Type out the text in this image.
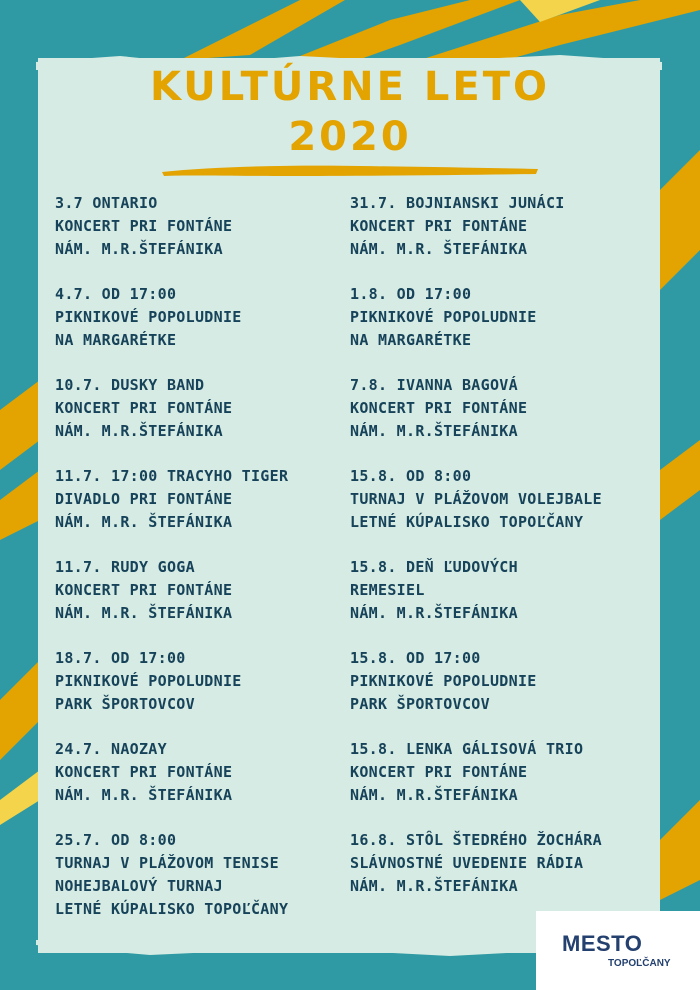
KULTÚRNE LETO
2020
3.7 ONTARIO
KONCERT PRI FONTÁNE
NÁM. M.R.ŠTEFÁNIKA
4.7. OD 17:00
PIKNIKOVÉ POPOLUDNIE
NA MARGARÉTKE
10.7. DUSKY BAND
KONCERT PRI FONTÁNE
NÁM. M.R.ŠTEFÁNIKA
11.7. 17:00 TRACYHO TIGER
DIVADLO PRI FONTÁNE
NÁM. M.R. ŠTEFÁNIKA
11.7. RUDY GOGA
KONCERT PRI FONTÁNE
NÁM. M.R. ŠTEFÁNIKA
18.7. OD 17:00
PIKNIKOVÉ POPOLUDNIE
PARK ŠPORTOVCOV
24.7. NAOZAY
KONCERT PRI FONTÁNE
NÁM. M.R. ŠTEFÁNIKA
25.7. OD 8:00
TURNAJ V PLÁŽOVOM TENISE
NOHEJBALOVÝ TURNAJ
LETNÉ KÚPALISKO TOPOĽČANY
31.7. BOJNIANSKI JUNÁCI
KONCERT PRI FONTÁNE
NÁM. M.R. ŠTEFÁNIKA
1.8. OD 17:00
PIKNIKOVÉ POPOLUDNIE
NA MARGARÉTKE
7.8. IVANNA BAGOVÁ
KONCERT PRI FONTÁNE
NÁM. M.R.ŠTEFÁNIKA
15.8. OD 8:00
TURNAJ V PLÁŽOVOM VOLEJBALE
LETNÉ KÚPALISKO TOPOĽČANY
15.8. DEŇ ĽUDOVÝCH
REMESIEL
NÁM. M.R.ŠTEFÁNIKA
15.8. OD 17:00
PIKNIKOVÉ POPOLUDNIE
PARK ŠPORTOVCOV
15.8. LENKA GÁLISOVÁ TRIO
KONCERT PRI FONTÁNE
NÁM. M.R.ŠTEFÁNIKA
16.8. STÔL ŠTEDRÉHO ŽOCHÁRA
SLÁVNOSTNÉ UVEDENIE RÁDIA
NÁM. M.R.ŠTEFÁNIKA
MESTO
TOPOĽČANY
